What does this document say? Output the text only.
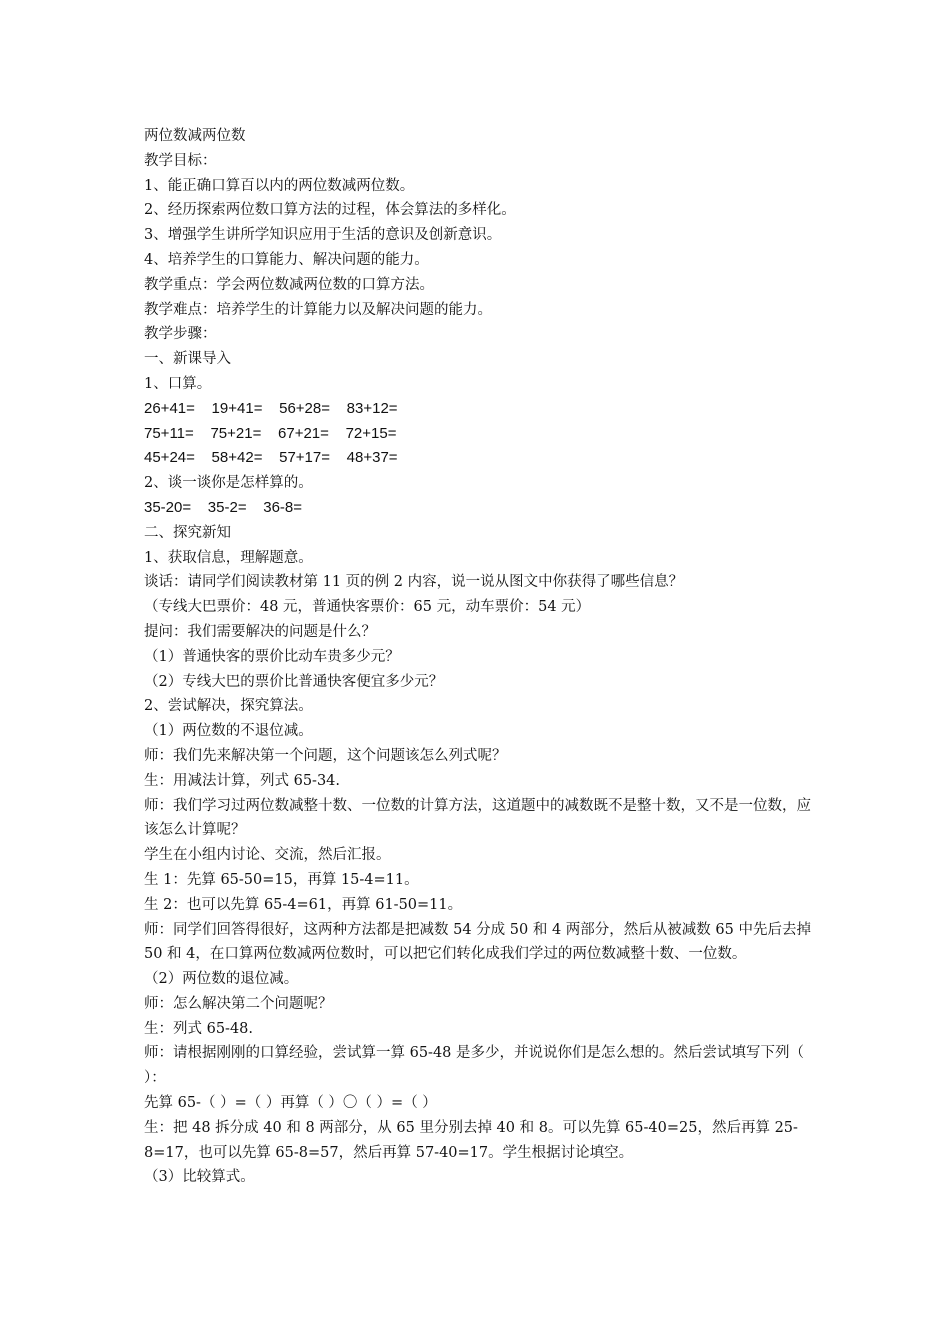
两位数减两位数

教学目标：

1、能正确口算百以内的两位数减两位数。

2、经历探索两位数口算方法的过程，体会算法的多样化。

3、增强学生讲所学知识应用于生活的意识及创新意识。

4、培养学生的口算能力、解决问题的能力。

教学重点：学会两位数减两位数的口算方法。

教学难点：培养学生的计算能力以及解决问题的能力。

教学步骤：

一、新课导入

1、口算。

26+41=    19+41=    56+28=    83+12=

75+11=    75+21=    67+21=    72+15=

45+24=    58+42=    57+17=    48+37=

2、谈一谈你是怎样算的。

35-20=    35-2=    36-8=

二、探究新知

1、获取信息，理解题意。

谈话：请同学们阅读教材第 11 页的例 2 内容，说一说从图文中你获得了哪些信息？

（专线大巴票价：48 元，普通快客票价：65 元，动车票价：54 元）

提问：我们需要解决的问题是什么？

（1）普通快客的票价比动车贵多少元？

（2）专线大巴的票价比普通快客便宜多少元？

2、尝试解决，探究算法。

（1）两位数的不退位减。

师：我们先来解决第一个问题，这个问题该怎么列式呢？

生：用减法计算，列式 65-34.

师：我们学习过两位数减整十数、一位数的计算方法，这道题中的减数既不是整十数，又不是一位数，应该怎么计算呢？

学生在小组内讨论、交流，然后汇报。

生 1：先算 65-50=15，再算 15-4=11。

生 2：也可以先算 65-4=61，再算 61-50=11。

师：同学们回答得很好，这两种方法都是把减数 54 分成 50 和 4 两部分，然后从被减数 65 中先后去掉 50 和 4，在口算两位数减两位数时，可以把它们转化成我们学过的两位数减整十数、一位数。

（2）两位数的退位减。

师：怎么解决第二个问题呢？

生：列式 65-48.

师：请根据刚刚的口算经验，尝试算一算 65-48 是多少，并说说你们是怎么想的。然后尝试填写下列（ ）：

先算 65-（ ）=（ ）再算（ ）〇（ ）=（ ）

生：把 48 拆分成 40 和 8 两部分，从 65 里分别去掉 40 和 8。可以先算 65-40=25，然后再算 25-8=17，也可以先算 65-8=57，然后再算 57-40=17。学生根据讨论填空。

（3）比较算式。
